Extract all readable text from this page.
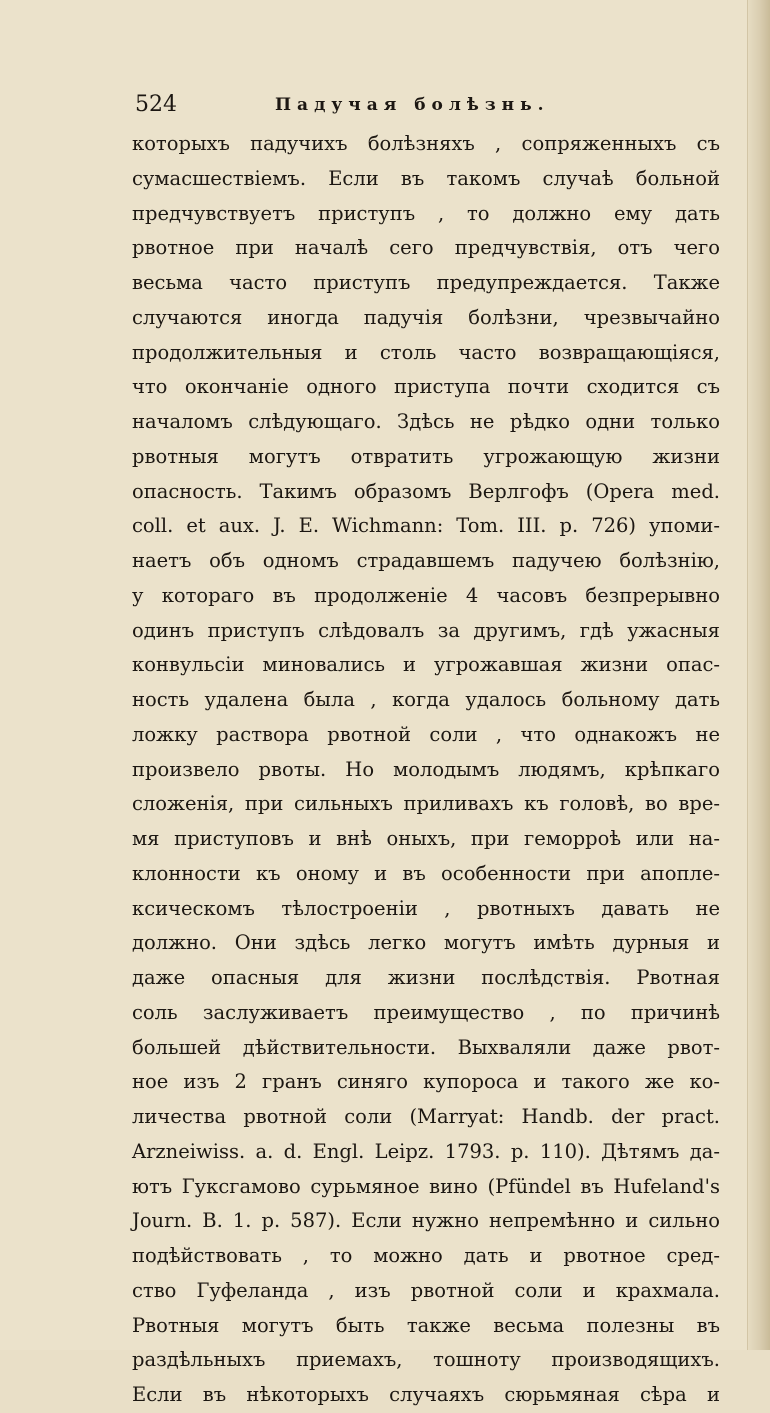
524	Падучая болѣзнь.
которыхъ падучихъ болѣзняхъ , сопряженныхъ съ
сумасшествіемъ. Если въ такомъ случаѣ больной
предчувствуетъ приступъ , то должно ему дать
рвотное при началѣ сего предчувствія, отъ чего
весьма часто приступъ предупреждается. Также
случаются иногда падучія болѣзни, чрезвычайно
продолжительныя и столь часто возвращающіяся,
что окончаніе одного приступа почти сходится съ
началомъ слѣдующаго. Здѣсь не рѣдко одни только
рвотныя могутъ отвратить угрожающую жизни
опасность. Такимъ образомъ Верлгофъ (Opera med.
coll. et aux. J. E. Wichmann: Tom. III. p. 726) упоми-
наетъ объ одномъ страдавшемъ падучею болѣзнію,
у котораго въ продолженіе 4 часовъ безпрерывно
одинъ приступъ слѣдовалъ за другимъ, гдѣ ужасныя
конвульсіи миновались и угрожавшая жизни опас-
ность удалена была , когда удалось больному дать
ложку раствора рвотной соли , что однакожъ не
произвело рвоты. Но молодымъ людямъ, крѣпкаго
сложенія, при сильныхъ приливахъ къ головѣ, во вре-
мя приступовъ и внѣ оныхъ, при геморроѣ или на-
клонности къ оному и въ особенности при апопле-
ксическомъ тѣлостроеніи , рвотныхъ давать не
должно. Они здѣсь легко могутъ имѣть дурныя и
даже опасныя для жизни послѣдствія. Рвотная
соль заслуживаетъ преимущество , по причинѣ
большей дѣйствительности. Выхваляли даже рвот-
ное изъ 2 гранъ синяго купороса и такого же ко-
личества рвотной соли (Marryat: Handb. der pract.
Arzneiwiss. a. d. Engl. Leipz. 1793. p. 110). Дѣтямъ да-
ютъ Гуксгамово сурьмяное вино (Pfündel въ Hufeland's
Journ. B. 1. p. 587). Если нужно непремѣнно и сильно
подѣйствовать , то можно дать и рвотное сред-
ство Гуфеланда , изъ рвотной соли и крахмала.
Рвотныя могутъ быть также весьма полезны въ
раздѣльныхъ приемахъ, тошноту производящихъ.
Если въ нѣкоторыхъ случаяхъ сюрьмяная сѣра и
